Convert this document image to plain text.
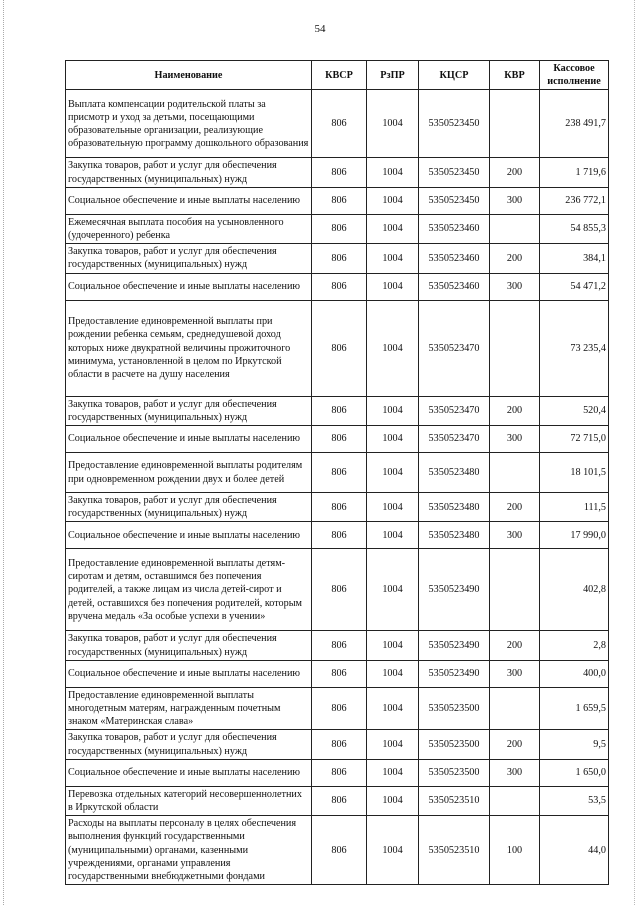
54
Наименование	КВСР	РзПР	КЦСР	КВР	Кассовое исполнение
Выплата компенсации родительской платы за присмотр и уход за детьми, посещающими образовательные организации, реализующие образовательную программу дошкольного образования	806	1004	5350523450		238 491,7
Закупка товаров, работ и услуг для обеспечения государственных (муниципальных) нужд	806	1004	5350523450	200	1 719,6
Социальное обеспечение и иные выплаты населению	806	1004	5350523450	300	236 772,1
Ежемесячная выплата пособия на усыновленного (удочеренного) ребенка	806	1004	5350523460		54 855,3
Закупка товаров, работ и услуг для обеспечения государственных (муниципальных) нужд	806	1004	5350523460	200	384,1
Социальное обеспечение и иные выплаты населению	806	1004	5350523460	300	54 471,2
Предоставление единовременной выплаты при рождении ребенка семьям, среднедушевой доход которых ниже двукратной величины прожиточного минимума, установленной в целом по Иркутской области в расчете на душу населения	806	1004	5350523470		73 235,4
Закупка товаров, работ и услуг для обеспечения государственных (муниципальных) нужд	806	1004	5350523470	200	520,4
Социальное обеспечение и иные выплаты населению	806	1004	5350523470	300	72 715,0
Предоставление единовременной выплаты родителям при одновременном рождении двух и более детей	806	1004	5350523480		18 101,5
Закупка товаров, работ и услуг для обеспечения государственных (муниципальных) нужд	806	1004	5350523480	200	111,5
Социальное обеспечение и иные выплаты населению	806	1004	5350523480	300	17 990,0
Предоставление единовременной выплаты детям-сиротам и детям, оставшимся без попечения родителей, а также лицам из числа детей-сирот и детей, оставшихся без попечения родителей, которым вручена медаль «За особые успехи в учении»	806	1004	5350523490		402,8
Закупка товаров, работ и услуг для обеспечения государственных (муниципальных) нужд	806	1004	5350523490	200	2,8
Социальное обеспечение и иные выплаты населению	806	1004	5350523490	300	400,0
Предоставление единовременной выплаты многодетным матерям, награжденным почетным знаком «Материнская слава»	806	1004	5350523500		1 659,5
Закупка товаров, работ и услуг для обеспечения государственных (муниципальных) нужд	806	1004	5350523500	200	9,5
Социальное обеспечение и иные выплаты населению	806	1004	5350523500	300	1 650,0
Перевозка отдельных категорий несовершеннолетних в Иркутской области	806	1004	5350523510		53,5
Расходы на выплаты персоналу в целях обеспечения выполнения функций государственными (муниципальными) органами, казенными учреждениями, органами управления государственными внебюджетными фондами	806	1004	5350523510	100	44,0
